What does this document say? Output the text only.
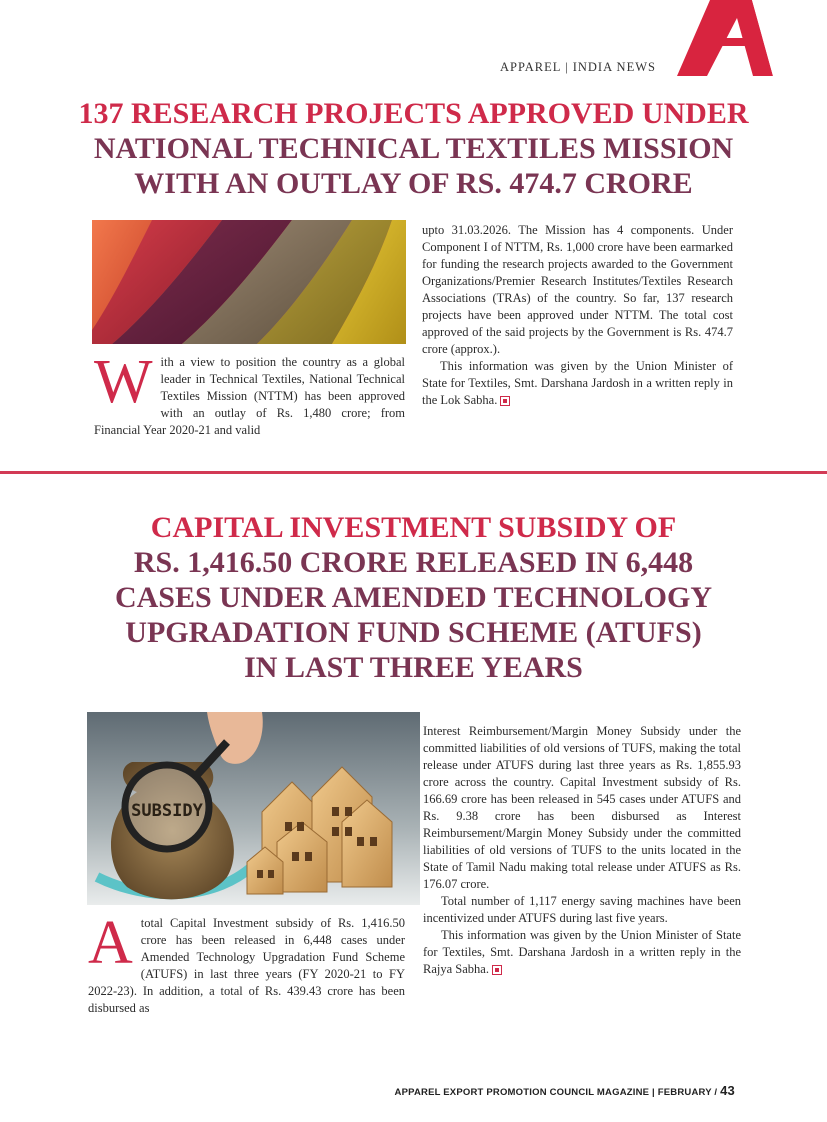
APPAREL | INDIA NEWS
137 RESEARCH PROJECTS APPROVED UNDER
NATIONAL TECHNICAL TEXTILES MISSION
WITH AN OUTLAY OF RS. 474.7 CRORE
W ith a view to position the country as a global leader in Technical Textiles, National Technical Textiles Mission (NTTM) has been approved with an outlay of Rs. 1,480 crore; from Financial Year 2020-21 and valid

upto 31.03.2026. The Mission has 4 components. Under Component I of NTTM, Rs. 1,000 crore have been earmarked for funding the research projects awarded to the Government Organizations/Premier Research Institutes/Textiles Research Associations (TRAs) of the country. So far, 137 research projects have been approved under NTTM. The total cost approved of the said projects by the Government is Rs. 474.7 crore (approx.).

This information was given by the Union Minister of State for Textiles, Smt. Darshana Jardosh in a written reply in the Lok Sabha.

CAPITAL INVESTMENT SUBSIDY OF
RS. 1,416.50 CRORE RELEASED IN 6,448
CASES UNDER AMENDED TECHNOLOGY
UPGRADATION FUND SCHEME (ATUFS)
IN LAST THREE YEARS
SUBSIDY
A total Capital Investment subsidy of Rs. 1,416.50 crore has been released in 6,448 cases under Amended Technology Upgradation Fund Scheme (ATUFS) in last three years (FY 2020-21 to FY 2022-23). In addition, a total of Rs. 439.43 crore has been disbursed as

Interest Reimbursement/Margin Money Subsidy under the committed liabilities of old versions of TUFS, making the total release under ATUFS during last three years as Rs. 1,855.93 crore across the country. Capital Investment subsidy of Rs. 166.69 crore has been released in 545 cases under ATUFS and Rs. 9.38 crore has been disbursed as Interest Reimbursement/Margin Money Subsidy under the committed liabilities of old versions of TUFS to the units located in the State of Tamil Nadu making total release under ATUFS as Rs. 176.07 crore.

Total number of 1,117 energy saving machines have been incentivized under ATUFS during last five years.

This information was given by the Union Minister of State for Textiles, Smt. Darshana Jardosh in a written reply in the Rajya Sabha.

APPAREL EXPORT PROMOTION COUNCIL MAGAZINE | FEBRUARY / 43
